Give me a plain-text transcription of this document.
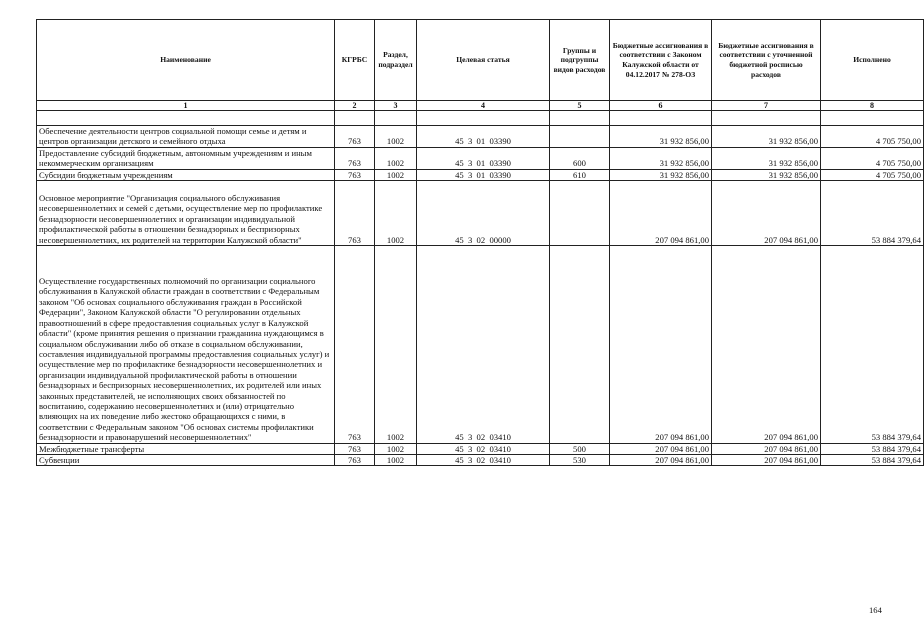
Наименование	КГРБС	Раздел, подраздел	Целевая статья	Группы и подгруппы видов расходов	Бюджетные ассигнования в соответствии с Законом Калужской области от 04.12.2017 № 278-ОЗ	Бюджетные ассигнования в соответствии с уточненной бюджетной росписью расходов	Исполнено
1	2	3	4	5	6	7	8

Обеспечение деятельности центров социальной помощи семье и детям и центров организации детского и семейного отдыха	763	1002	45  3  01  03390		31 932 856,00	31 932 856,00	4 705 750,00
Предоставление субсидий бюджетным, автономным учреждениям и иным некоммерческим организациям	763	1002	45  3  01  03390	600	31 932 856,00	31 932 856,00	4 705 750,00
Субсидии бюджетным учреждениям	763	1002	45  3  01  03390	610	31 932 856,00	31 932 856,00	4 705 750,00

Основное мероприятие "Организация социального обслуживания несовершеннолетних и семей с детьми, осуществление мер по профилактике безнадзорности несовершеннолетних и организации индивидуальной профилактической работы в отношении безнадзорных и беспризорных несовершеннолетних, их родителей на территории Калужской области"	763	1002	45  3  02  00000		207 094 861,00	207 094 861,00	53 884 379,64

Осуществление государственных полномочий по организации социального обслуживания в Калужской области граждан в соответствии с Федеральным законом "Об основах социального обслуживания граждан в Российской Федерации", Законом Калужской области "О регулировании отдельных правоотношений в сфере предоставления социальных услуг в Калужской области" (кроме принятия решения о признании гражданина нуждающимся в социальном обслуживании либо об отказе в социальном обслуживании, составления индивидуальной программы предоставления социальных услуг) и осуществление мер по профилактике безнадзорности несовершеннолетних и организации индивидуальной профилактической работы в отношении безнадзорных и беспризорных несовершеннолетних, их родителей или иных законных представителей, не исполняющих своих обязанностей по воспитанию, содержанию несовершеннолетних и (или) отрицательно влияющих на их поведение либо жестоко обращающихся с ними, в соответствии с Федеральным законом "Об основах системы профилактики безнадзорности и правонарушений несовершеннолетних"	763	1002	45  3  02  03410		207 094 861,00	207 094 861,00	53 884 379,64
Межбюджетные трансферты	763	1002	45  3  02  03410	500	207 094 861,00	207 094 861,00	53 884 379,64
Субвенции	763	1002	45  3  02  03410	530	207 094 861,00	207 094 861,00	53 884 379,64
164
